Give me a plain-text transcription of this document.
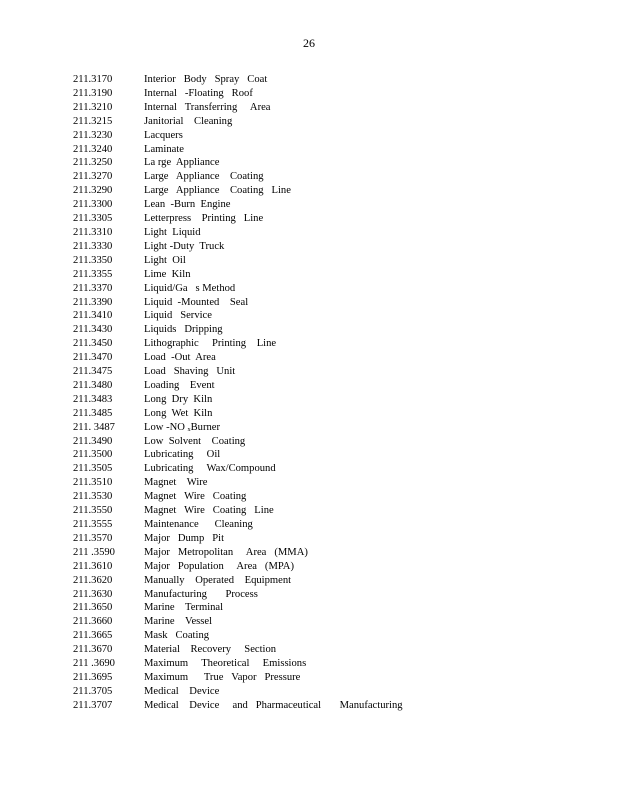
26
211.3170	Interior   Body   Spray   Coat
211.3190	Internal   -Floating   Roof
211.3210	Internal   Transferring     Area
211.3215	Janitorial    Cleaning
211.3230	Lacquers
211.3240	Laminate
211.3250	La rge  Appliance
211.3270	Large   Appliance    Coating
211.3290	Large   Appliance    Coating   Line
211.3300	Lean  -Burn  Engine
211.3305	Letterpress    Printing   Line
211.3310	Light  Liquid
211.3330	Light -Duty  Truck
211.3350	Light  Oil
211.3355	Lime  Kiln
211.3370	Liquid/Ga   s Method
211.3390	Liquid  -Mounted    Seal
211.3410	Liquid   Service
211.3430	Liquids   Dripping
211.3450	Lithographic     Printing    Line
211.3470	Load  -Out  Area
211.3475	Load   Shaving   Unit
211.3480	Loading    Event
211.3483	Long  Dry  Kiln
211.3485	Long  Wet  Kiln
211. 3487	Low -NO ₓBurner
211.3490	Low  Solvent    Coating
211.3500	Lubricating     Oil
211.3505	Lubricating     Wax/Compound
211.3510	Magnet    Wire
211.3530	Magnet   Wire   Coating
211.3550	Magnet   Wire   Coating   Line
211.3555	Maintenance      Cleaning
211.3570	Major   Dump   Pit
211 .3590	Major   Metropolitan     Area   (MMA)
211.3610	Major   Population     Area   (MPA)
211.3620	Manually    Operated    Equipment
211.3630	Manufacturing       Process
211.3650	Marine    Terminal
211.3660	Marine    Vessel
211.3665	Mask   Coating
211.3670	Material    Recovery     Section
211 .3690	Maximum     Theoretical     Emissions
211.3695	Maximum      True   Vapor   Pressure
211.3705	Medical    Device
211.3707	Medical    Device     and   Pharmaceutical       Manufacturing
